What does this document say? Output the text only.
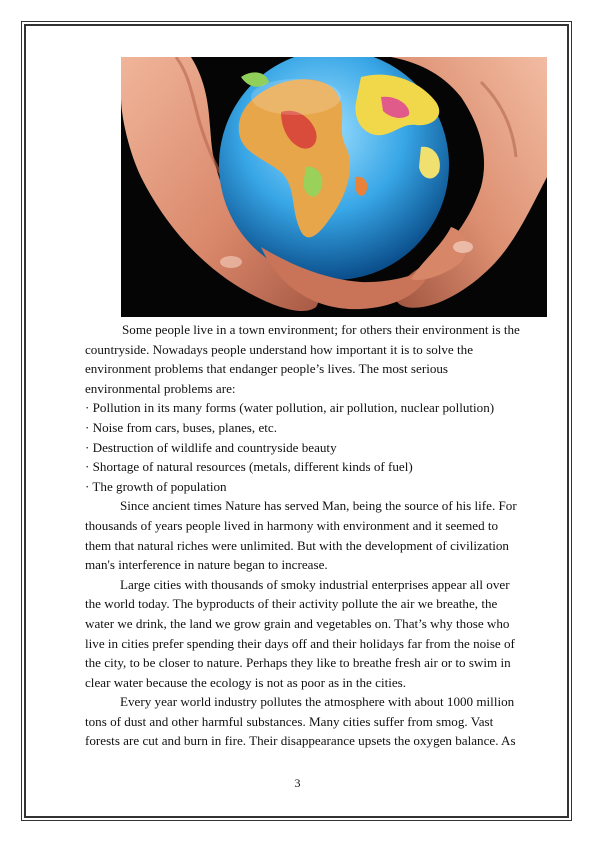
Some people live in a town environment; for others their environment is the
countryside. Nowadays people understand how important it is to solve the
environment problems that endanger people’s lives. The most serious
environmental problems are:
· Pollution in its many forms (water pollution, air pollution, nuclear pollution)
· Noise from cars, buses, planes, etc.
· Destruction of wildlife and countryside beauty
· Shortage of natural resources (metals, different kinds of fuel)
· The growth of population
Since ancient times Nature has served Man, being the source of his life. For
thousands of years people lived in harmony with environment and it seemed to
them that natural riches were unlimited. But with the development of civilization
man's interference in nature began to increase.
Large cities with thousands of smoky industrial enterprises appear all over
the world today. The byproducts of their activity pollute the air we breathe, the
water we drink, the land we grow grain and vegetables on. That’s why those who
live in cities prefer spending their days off and their holidays far from the noise of
the city, to be closer to nature. Perhaps they like to breathe fresh air or to swim in
clear water because the ecology is not as poor as in the cities.
Every year world industry pollutes the atmosphere with about 1000 million
tons of dust and other harmful substances. Many cities suffer from smog. Vast
forests are cut and burn in fire. Their disappearance upsets the oxygen balance. As
3
